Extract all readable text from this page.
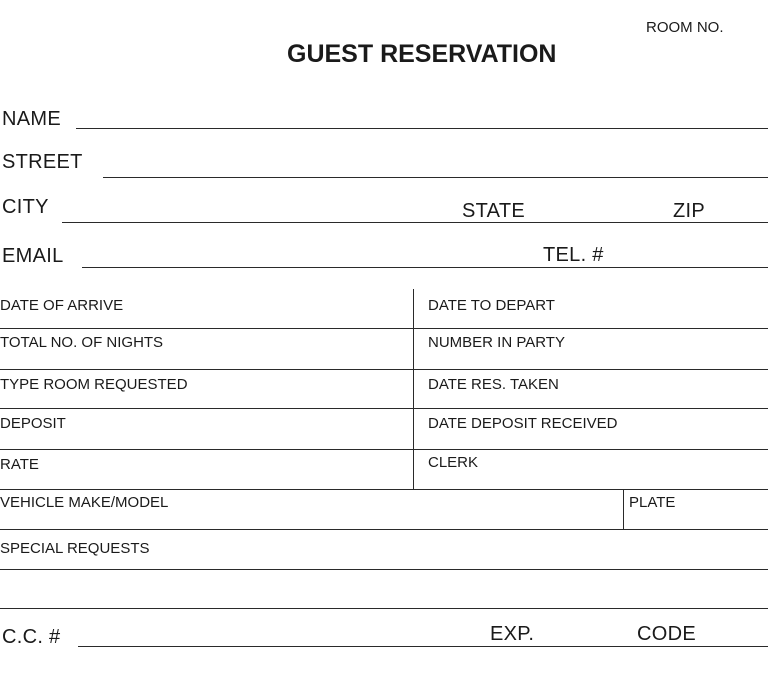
ROOM NO.
GUEST RESERVATION
NAME
STREET
CITY	STATE	ZIP
EMAIL	TEL. #
DATE OF ARRIVE	DATE TO DEPART
TOTAL NO. OF NIGHTS	NUMBER IN PARTY
TYPE ROOM REQUESTED	DATE RES. TAKEN
DEPOSIT	DATE DEPOSIT RECEIVED
RATE	CLERK
VEHICLE MAKE/MODEL	PLATE
SPECIAL REQUESTS
C.C. #	EXP.	CODE
